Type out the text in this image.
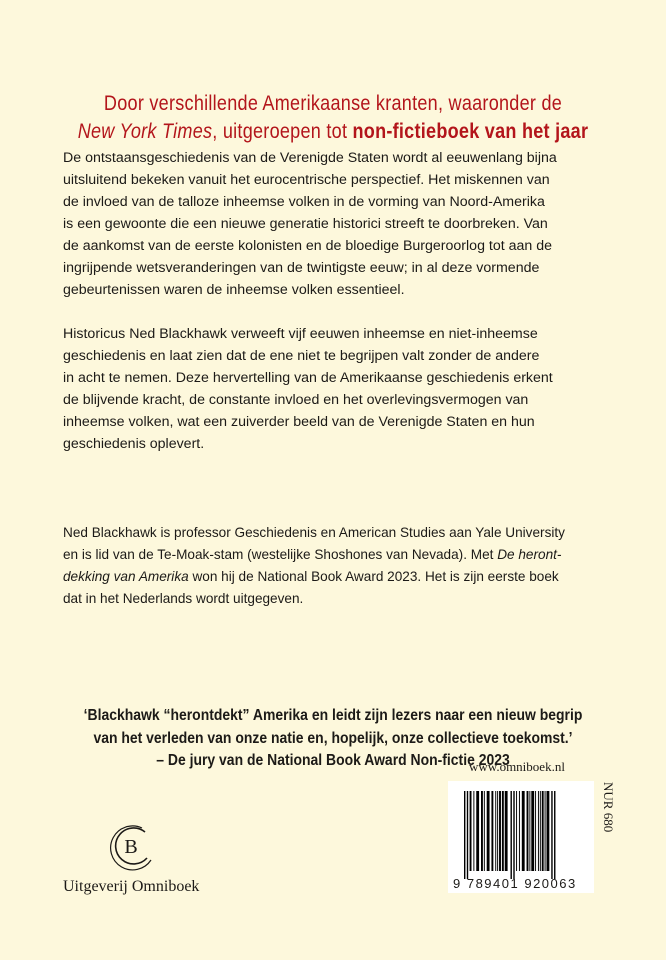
Door verschillende Amerikaanse kranten, waaronder de
New York Times, uitgeroepen tot non-fictieboek van het jaar
De ontstaansgeschiedenis van de Verenigde Staten wordt al eeuwenlang bijna
uitsluitend bekeken vanuit het eurocentrische perspectief. Het miskennen van
de invloed van de talloze inheemse volken in de vorming van Noord-Amerika
is een gewoonte die een nieuwe generatie historici streeft te doorbreken. Van
de aankomst van de eerste kolonisten en de bloedige Burgeroorlog tot aan de
ingrijpende wetsveranderingen van de twintigste eeuw; in al deze vormende
gebeurtenissen waren de inheemse volken essentieel.
Historicus Ned Blackhawk verweeft vijf eeuwen inheemse en niet-inheemse
geschiedenis en laat zien dat de ene niet te begrijpen valt zonder de andere
in acht te nemen. Deze hervertelling van de Amerikaanse geschiedenis erkent
de blijvende kracht, de constante invloed en het overlevingsvermogen van
inheemse volken, wat een zuiverder beeld van de Verenigde Staten en hun
geschiedenis oplevert.
Ned Blackhawk is professor Geschiedenis en American Studies aan Yale University
en is lid van de Te-Moak-stam (westelijke Shoshones van Nevada). Met De heront-
dekking van Amerika won hij de National Book Award 2023. Het is zijn eerste boek
dat in het Nederlands wordt uitgegeven.
‘Blackhawk “herontdekt” Amerika en leidt zijn lezers naar een nieuw begrip
van het verleden van onze natie en, hopelijk, onze collectieve toekomst.’
– De jury van de National Book Award Non-fictie 2023
www.omniboek.nl
9 789401 920063
NUR 680
B
Uitgeverij Omniboek
